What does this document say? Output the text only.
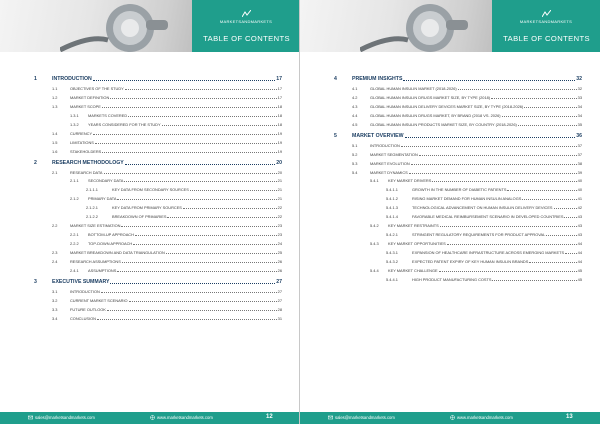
MARKETSANDMARKETS
TABLE OF CONTENTS
1	INTRODUCTION	17
1.1	OBJECTIVES OF THE STUDY	17
1.2	MARKET DEFINITION	17
1.3	MARKET SCOPE	18
1.3.1	MARKETS COVERED	18
1.3.2	YEARS CONSIDERED FOR THE STUDY	18
1.4	CURRENCY	19
1.5	LIMITATIONS	19
1.6	STAKEHOLDERS	19
2	RESEARCH METHODOLOGY	20
2.1	RESEARCH DATA	20
2.1.1	SECONDARY DATA	21
2.1.1.1	KEY DATA FROM SECONDARY SOURCES	21
2.1.2	PRIMARY DATA	21
2.1.2.1	KEY DATA FROM PRIMARY SOURCES	22
2.1.2.2	BREAKDOWN OF PRIMARIES	22
2.2	MARKET SIZE ESTIMATION	23
2.2.1	BOTTOM-UP APPROACH	23
2.2.2	TOP-DOWN APPROACH	24
2.3	MARKET BREAKDOWN AND DATA TRIANGULATION	25
2.4	RESEARCH ASSUMPTIONS	26
2.4.1	ASSUMPTIONS	26
3	EXECUTIVE SUMMARY	27
3.1	INTRODUCTION	27
3.2	CURRENT MARKET SCENARIO	27
3.3	FUTURE OUTLOOK	28
3.4	CONCLUSION	31
sales@marketsandmarkets.com	www.marketsandmarkets.com	12
MARKETSANDMARKETS
TABLE OF CONTENTS
4	PREMIUM INSIGHTS	32
4.1	GLOBAL HUMAN INSULIN MARKET (2018-2026)	32
4.2	GLOBAL HUMAN INSULIN DRUGS MARKET SIZE, BY TYPE (2018)	33
4.3	GLOBAL HUMAN INSULIN DELIVERY DEVICES MARKET SIZE, BY TYPE (2018-2026)	34
4.4	GLOBAL HUMAN INSULIN DRUGS MARKET, BY BRAND (2018 VS. 2026)	34
4.5	GLOBAL HUMAN INSULIN PRODUCTS MARKET SIZE, BY COUNTRY (2018-2026)	35
5	MARKET OVERVIEW	36
5.1	INTRODUCTION	37
5.2	MARKET SEGMENTATION	37
5.3	MARKET EVOLUTION	38
5.4	MARKET DYNAMICS	39
5.4.1	KEY MARKET DRIVERS	40
5.4.1.1	GROWTH IN THE NUMBER OF DIABETIC PATIENTS	40
5.4.1.2	RISING MARKET DEMAND FOR HUMAN INSULIN ANALOGS	41
5.4.1.3	TECHNOLOGICAL ADVANCEMENT ON HUMAN INSULIN DELIVERY DEVICES	42
5.4.1.4	FAVORABLE MEDICAL REIMBURSEMENT SCENARIO IN DEVELOPED COUNTRIES	43
5.4.2	KEY MARKET RESTRAINTS	43
5.4.2.1	STRINGENT REGULATORY REQUIREMENTS FOR PRODUCT APPROVAL	43
5.4.3	KEY MARKET OPPORTUNITIES	44
5.4.3.1	EXPANSION OF HEALTHCARE INFRASTRUCTURE ACROSS EMERGING MARKETS	44
5.4.3.2	EXPECTED PATENT EXPIRY OF KEY HUMAN INSULIN BRANDS	44
5.4.4	KEY MARKET CHALLENGE	45
5.4.4.1	HIGH PRODUCT MANUFACTURING COSTS	45
sales@marketsandmarkets.com	www.marketsandmarkets.com	13
